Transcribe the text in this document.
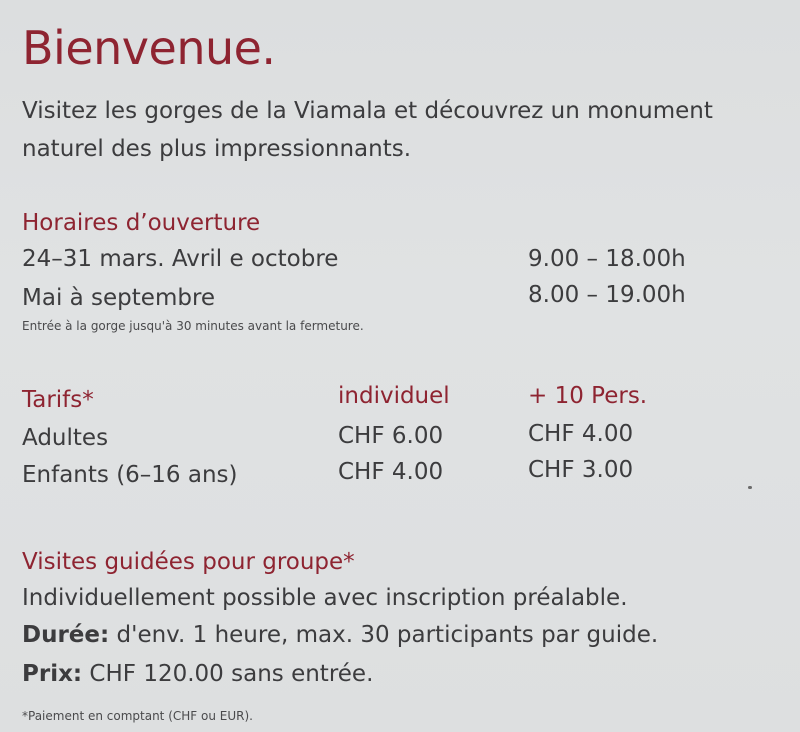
Bienvenue.
Visitez les gorges de la Viamala et découvrez un monument
naturel des plus impressionnants.
Horaires d’ouverture
24–31 mars. Avril e octobre	9.00 – 18.00h
Mai à septembre	8.00 – 19.00h
Entrée à la gorge jusqu'à 30 minutes avant la fermeture.
Tarifs*	individuel	+ 10 Pers.
Adultes	CHF 6.00	CHF 4.00
Enfants (6–16 ans)	CHF 4.00	CHF 3.00
Visites guidées pour groupe*
Individuellement possible avec inscription préalable.
Durée: d'env. 1 heure, max. 30 participants par guide.
Prix: CHF 120.00 sans entrée.
*Paiement en comptant (CHF ou EUR).
